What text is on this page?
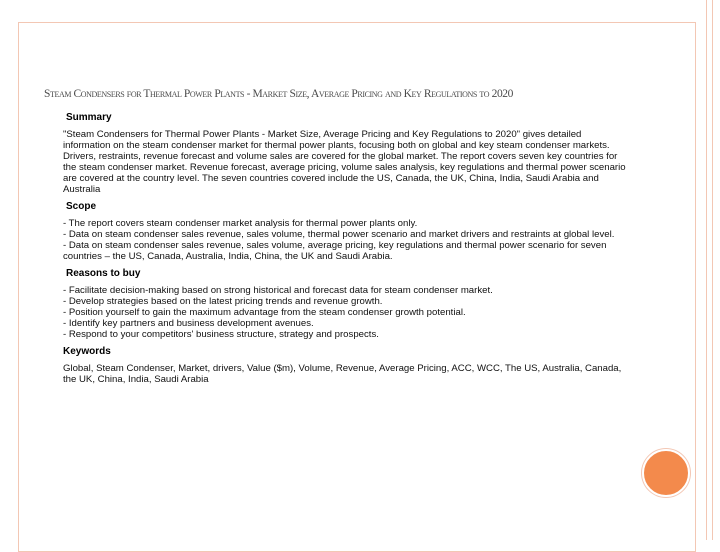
Steam Condensers for Thermal Power Plants - Market Size, Average Pricing and Key Regulations to 2020
Summary
"Steam Condensers for Thermal Power Plants - Market Size, Average Pricing and Key Regulations to 2020" gives detailed information on the steam condenser market for thermal power plants, focusing both on global and key steam condenser markets. Drivers, restraints, revenue forecast and volume sales are covered for the global market. The report covers seven key countries for the steam condenser market. Revenue forecast, average pricing, volume sales analysis, key regulations and thermal power scenario are covered at the country level. The seven countries covered include the US, Canada, the UK, China, India, Saudi Arabia and Australia
Scope
- The report covers steam condenser market analysis for thermal power plants only.
- Data on steam condenser sales revenue, sales volume, thermal power scenario and market drivers and restraints at global level.
- Data on steam condenser sales revenue, sales volume, average pricing, key regulations and thermal power scenario for seven countries – the US, Canada, Australia, India, China, the UK and Saudi Arabia.
Reasons to buy
- Facilitate decision-making based on strong historical and forecast data for steam condenser market.
- Develop strategies based on the latest pricing trends and revenue growth.
- Position yourself to gain the maximum advantage from the steam condenser growth potential.
- Identify key partners and business development avenues.
- Respond to your competitors' business structure, strategy and prospects.
Keywords
Global, Steam Condenser, Market, drivers, Value ($m), Volume, Revenue, Average Pricing, ACC, WCC, The US, Australia, Canada, the UK, China, India, Saudi Arabia
